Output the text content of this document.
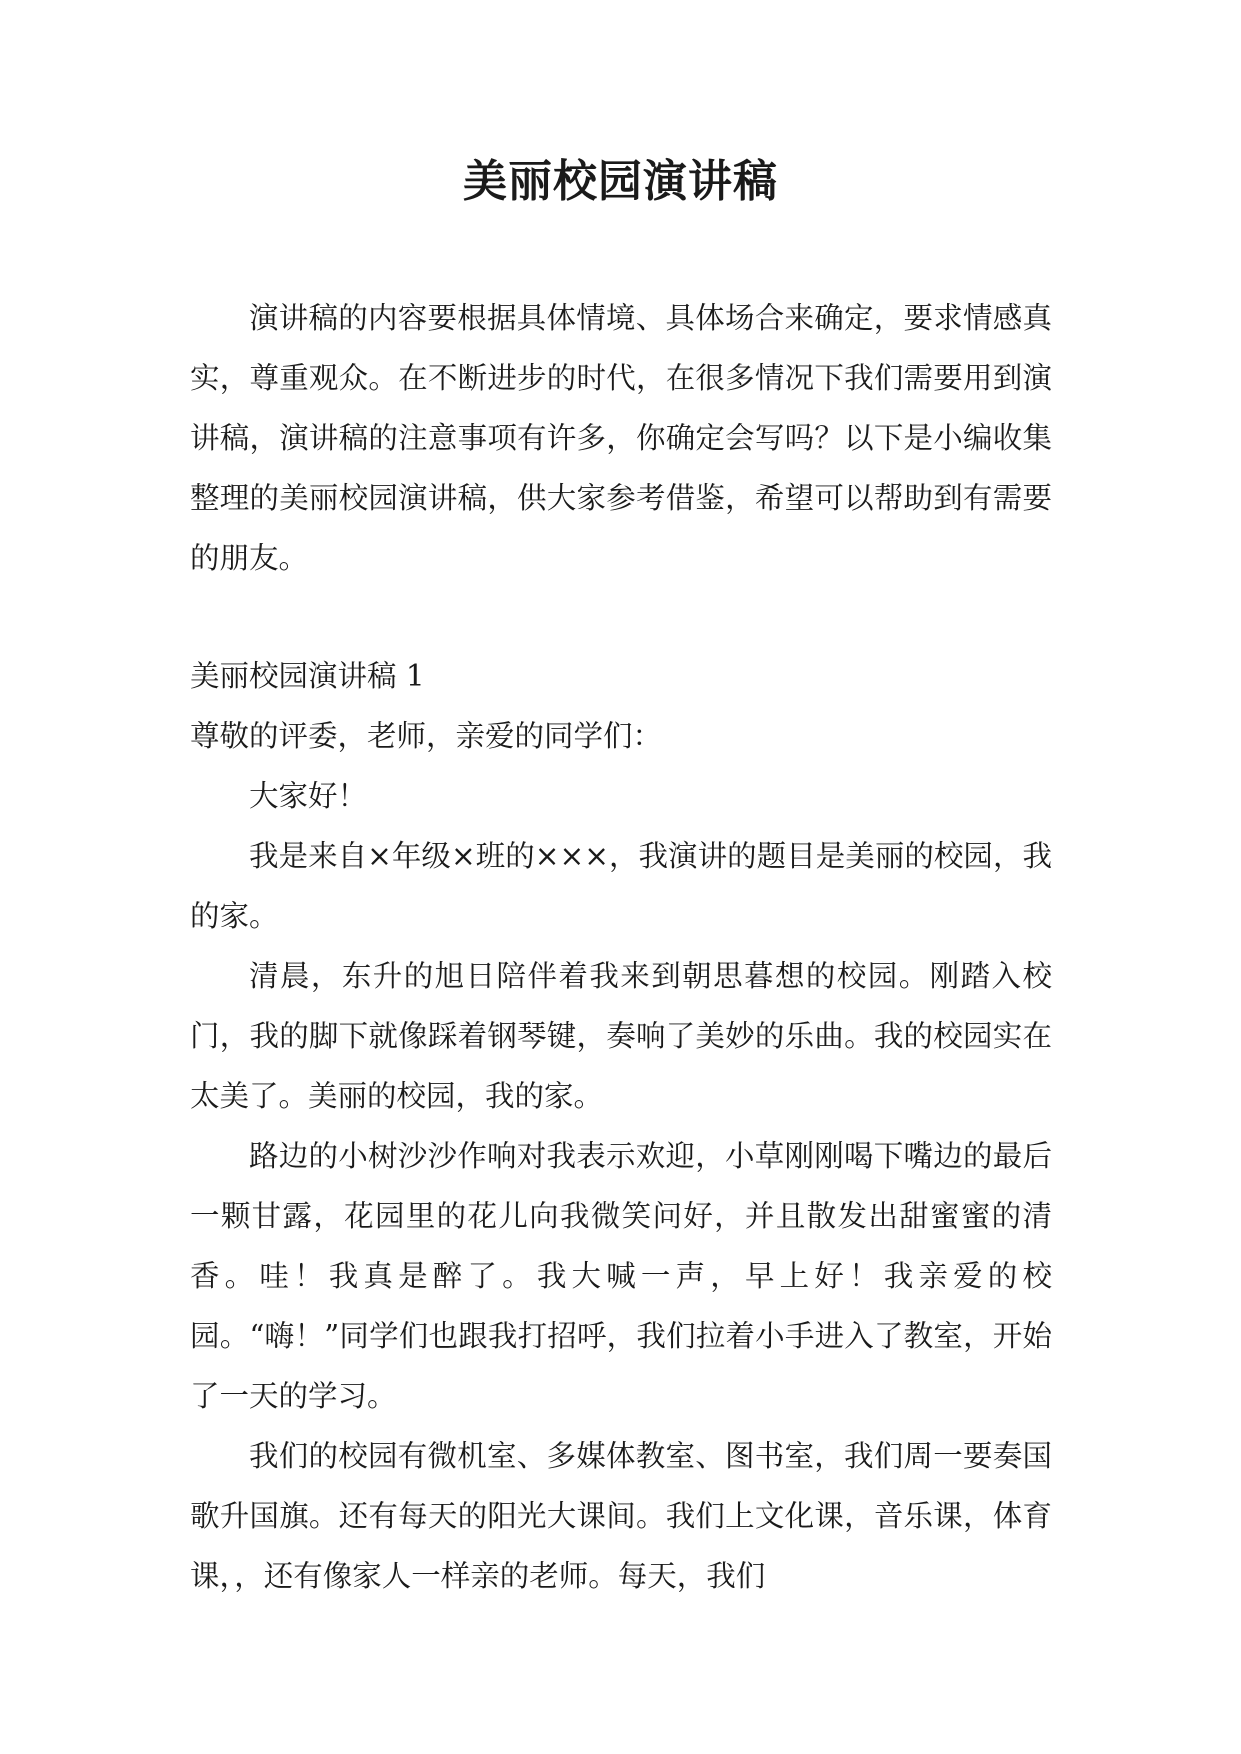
美丽校园演讲稿

演讲稿的内容要根据具体情境、具体场合来确定，要求情感真实，尊重观众。在不断进步的时代，在很多情况下我们需要用到演讲稿，演讲稿的注意事项有许多，你确定会写吗？以下是小编收集整理的美丽校园演讲稿，供大家参考借鉴，希望可以帮助到有需要的朋友。

美丽校园演讲稿 1

尊敬的评委，老师，亲爱的同学们：

大家好！

我是来自×年级×班的×××，我演讲的题目是美丽的校园，我的家。

清晨，东升的旭日陪伴着我来到朝思暮想的校园。刚踏入校门，我的脚下就像踩着钢琴键，奏响了美妙的乐曲。我的校园实在太美了。美丽的校园，我的家。

路边的小树沙沙作响对我表示欢迎，小草刚刚喝下嘴边的最后一颗甘露，花园里的花儿向我微笑问好，并且散发出甜蜜蜜的清香。哇！我真是醉了。我大喊一声，早上好！我亲爱的校园。“嗨！”同学们也跟我打招呼，我们拉着小手进入了教室，开始了一天的学习。

我们的校园有微机室、多媒体教室、图书室，我们周一要奏国歌升国旗。还有每天的阳光大课间。我们上文化课，音乐课，体育课，，还有像家人一样亲的老师。每天，我们
